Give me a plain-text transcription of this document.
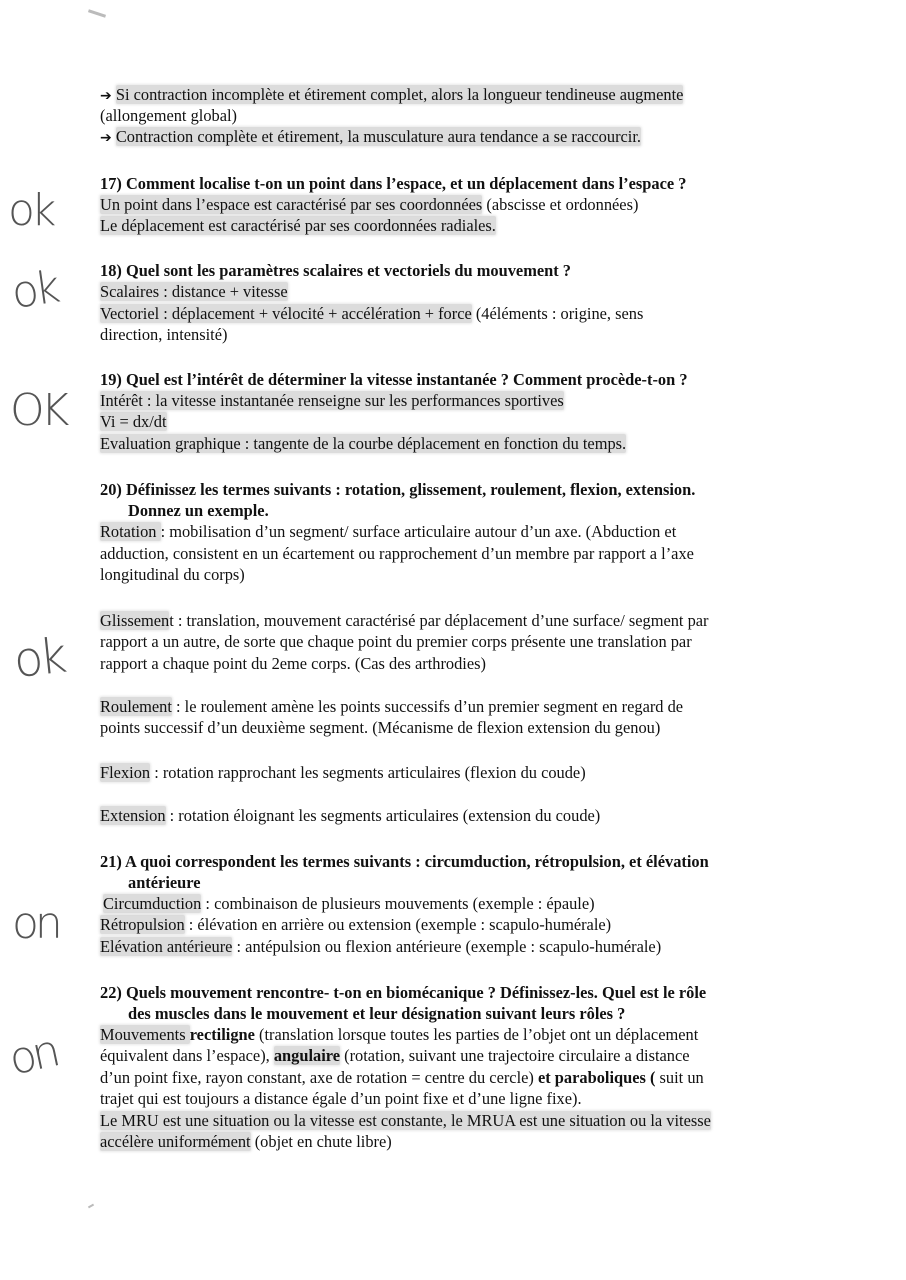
ok
ok
OK
ok
on
on
➔ Si contraction incomplète et étirement complet, alors la longueur tendineuse augmente
(allongement global)
➔ Contraction complète et étirement, la musculature aura tendance a se raccourcir.
17) Comment localise t-on un point dans l’espace, et un déplacement dans l’espace ?
Un point dans l’espace est caractérisé par ses coordonnées (abscisse et ordonnées)
Le déplacement est caractérisé par ses coordonnées radiales.
18) Quel sont les paramètres scalaires et vectoriels du mouvement ?
Scalaires : distance + vitesse
Vectoriel : déplacement + vélocité + accélération + force (4éléments : origine, sens
direction, intensité)
19) Quel est l’intérêt de déterminer la vitesse instantanée ? Comment procède-t-on ?
Intérêt : la vitesse instantanée renseigne sur les performances sportives
Vi = dx/dt
Evaluation graphique : tangente de la courbe déplacement en fonction du temps.
20) Définissez les termes suivants : rotation, glissement, roulement, flexion, extension.
Donnez un exemple.
Rotation : mobilisation d’un segment/ surface articulaire autour d’un axe. (Abduction et
adduction, consistent en un écartement ou rapprochement d’un membre par rapport a l’axe
longitudinal du corps)
Glissement : translation, mouvement caractérisé par déplacement d’une surface/ segment par
rapport a un autre, de sorte que chaque point du premier corps présente une translation par
rapport a chaque point du 2eme corps. (Cas des arthrodies)
Roulement : le roulement amène les points successifs d’un premier segment en regard de
points successif d’un deuxième segment. (Mécanisme de flexion extension du genou)
Flexion : rotation rapprochant les segments articulaires (flexion du coude)
Extension : rotation éloignant les segments articulaires (extension du coude)
21) A quoi correspondent les termes suivants : circumduction, rétropulsion, et élévation
antérieure
Circumduction : combinaison de plusieurs mouvements (exemple : épaule)
Rétropulsion : élévation en arrière ou extension (exemple : scapulo-humérale)
Elévation antérieure : antépulsion ou flexion antérieure (exemple : scapulo-humérale)
22) Quels mouvement rencontre- t-on en biomécanique ? Définissez-les. Quel est le rôle
des muscles dans le mouvement et leur désignation suivant leurs rôles ?
Mouvements rectiligne (translation lorsque toutes les parties de l’objet ont un déplacement
équivalent dans l’espace), angulaire (rotation, suivant une trajectoire circulaire a distance
d’un point fixe, rayon constant, axe de rotation = centre du cercle) et paraboliques ( suit un
trajet qui est toujours a distance égale d’un point fixe et d’une ligne fixe).
Le MRU est une situation ou la vitesse est constante, le MRUA est une situation ou la vitesse
accélère uniformément (objet en chute libre)
